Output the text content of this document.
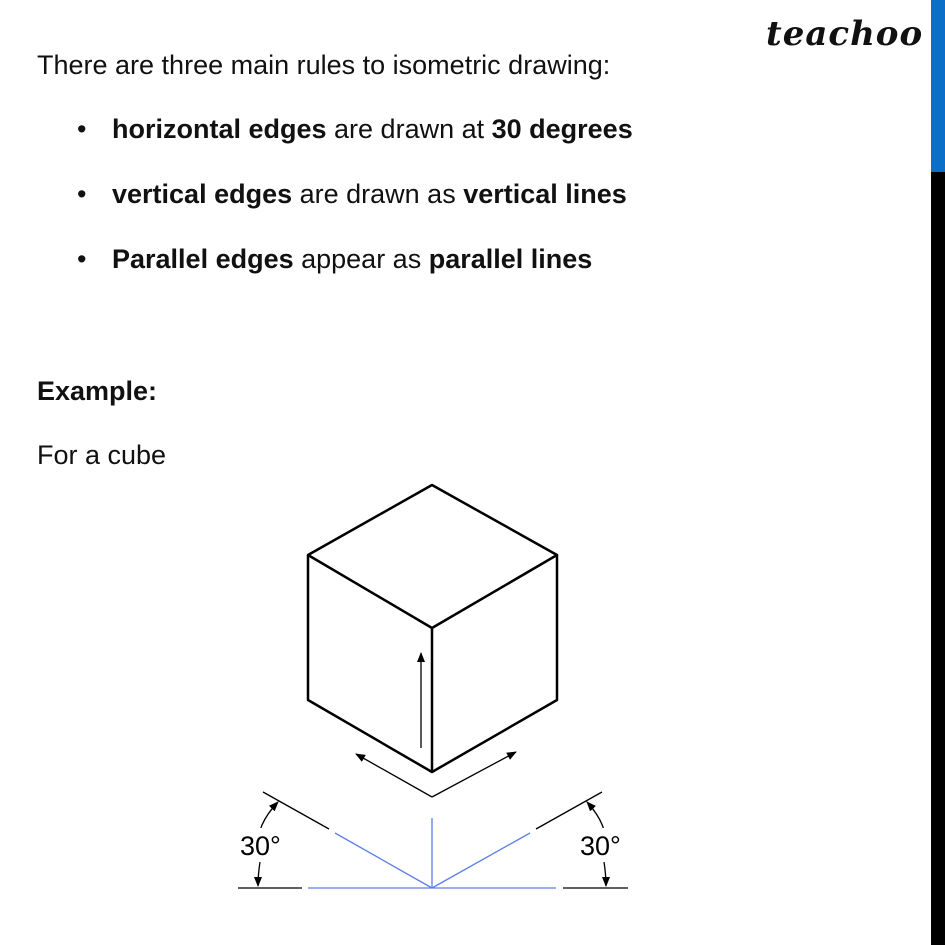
teachoo
There are three main rules to isometric drawing:
• horizontal edges are drawn at 30 degrees
• vertical edges are drawn as vertical lines
• Parallel edges appear as parallel lines
Example:
For a cube
30°	30°
